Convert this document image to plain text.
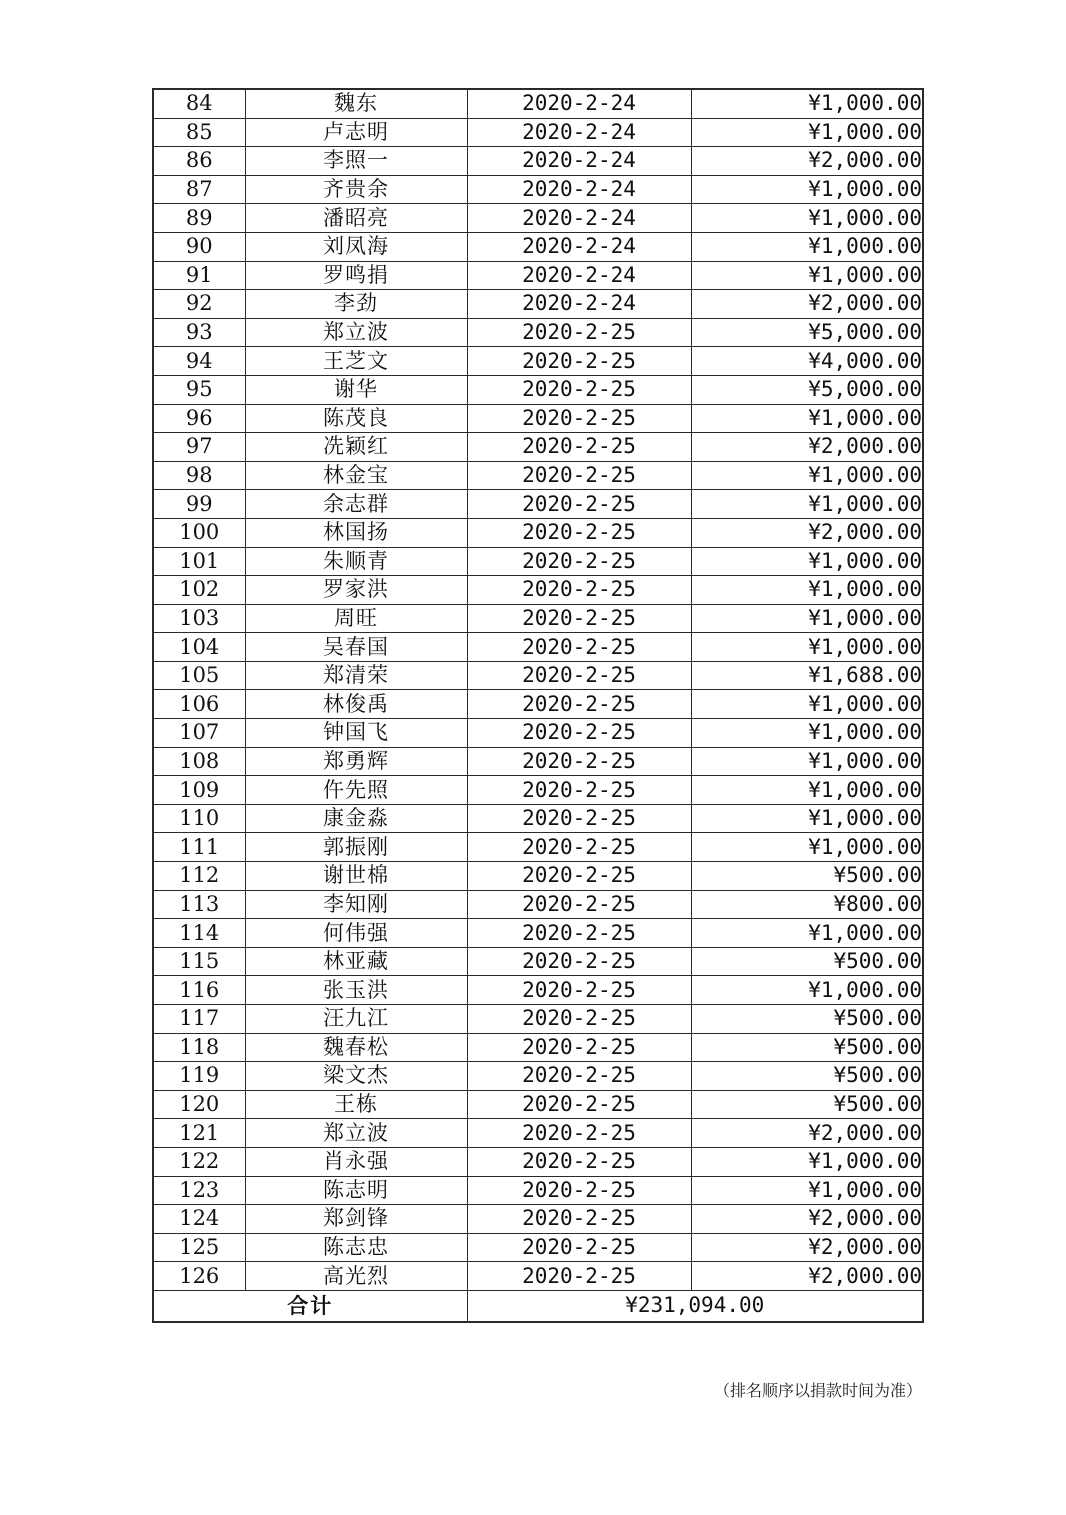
84	魏东	2020-2-24	¥1,000.00
85	卢志明	2020-2-24	¥1,000.00
86	李照一	2020-2-24	¥2,000.00
87	齐贵余	2020-2-24	¥1,000.00
89	潘昭亮	2020-2-24	¥1,000.00
90	刘凤海	2020-2-24	¥1,000.00
91	罗鸣捐	2020-2-24	¥1,000.00
92	李劲	2020-2-24	¥2,000.00
93	郑立波	2020-2-25	¥5,000.00
94	王芝文	2020-2-25	¥4,000.00
95	谢华	2020-2-25	¥5,000.00
96	陈茂良	2020-2-25	¥1,000.00
97	冼颖红	2020-2-25	¥2,000.00
98	林金宝	2020-2-25	¥1,000.00
99	余志群	2020-2-25	¥1,000.00
100	林国扬	2020-2-25	¥2,000.00
101	朱顺青	2020-2-25	¥1,000.00
102	罗家洪	2020-2-25	¥1,000.00
103	周旺	2020-2-25	¥1,000.00
104	吴春国	2020-2-25	¥1,000.00
105	郑清荣	2020-2-25	¥1,688.00
106	林俊禹	2020-2-25	¥1,000.00
107	钟国飞	2020-2-25	¥1,000.00
108	郑勇辉	2020-2-25	¥1,000.00
109	仵先照	2020-2-25	¥1,000.00
110	康金淼	2020-2-25	¥1,000.00
111	郭振刚	2020-2-25	¥1,000.00
112	谢世棉	2020-2-25	¥500.00
113	李知刚	2020-2-25	¥800.00
114	何伟强	2020-2-25	¥1,000.00
115	林亚藏	2020-2-25	¥500.00
116	张玉洪	2020-2-25	¥1,000.00
117	汪九江	2020-2-25	¥500.00
118	魏春松	2020-2-25	¥500.00
119	梁文杰	2020-2-25	¥500.00
120	王栋	2020-2-25	¥500.00
121	郑立波	2020-2-25	¥2,000.00
122	肖永强	2020-2-25	¥1,000.00
123	陈志明	2020-2-25	¥1,000.00
124	郑剑锋	2020-2-25	¥2,000.00
125	陈志忠	2020-2-25	¥2,000.00
126	高光烈	2020-2-25	¥2,000.00
合计		¥231,094.00	
（排名顺序以捐款时间为准）
